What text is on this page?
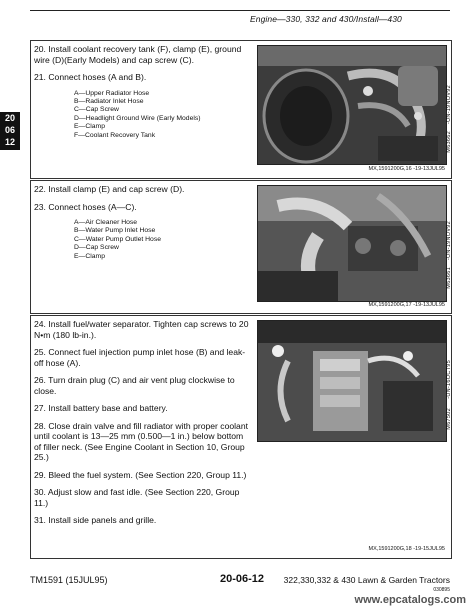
Engine—330, 332 and 430/Install—430
20
06
12
20. Install coolant recovery tank (F), clamp (E), ground wire (D)(Early Models) and cap screw (C).
21. Connect hoses (A and B).
A—Upper Radiator Hose
B—Radiator Inlet Hose
C—Cap Screw
D—Headlight Ground Wire (Early Models)
E—Clamp
F—Coolant Recovery Tank	M63662
-UN-19NOV92
MX,1591200G,16 -19-13JUL95
22. Install clamp (E) and cap screw (D).
23. Connect hoses (A—C).
A—Air Cleaner Hose
B—Water Pump Inlet Hose
C—Water Pump Outlet Hose
D—Cap Screw
E—Clamp
M63661
-UN-19NOV92
MX,1591200G,17 -19-13JUL95
24. Install fuel/water separator. Tighten cap screws to 20 N•m (180 lb-in.).
25. Connect fuel injection pump inlet hose (B) and leak-off hose (A).
26. Turn drain plug (C) and air vent plug clockwise to close.
27. Install battery base and battery.
28. Close drain valve and fill radiator with proper coolant until coolant is 13—25 mm (0.500—1 in.) below bottom of filler neck. (See Engine Coolant in Section 10, Group 25.)
29. Bleed the fuel system. (See Section 220, Group 11.)
30. Adjust slow and fast idle. (See Section 220, Group 11.)
31. Install side panels and grille.
M67502
-UN-16OCT95
MX,1591200G,18 -19-15JUL95
TM1591 (15JUL95)	20-06-12 322,330,332 & 430 Lawn & Garden Tractors
030895
www.epcatalogs.com
